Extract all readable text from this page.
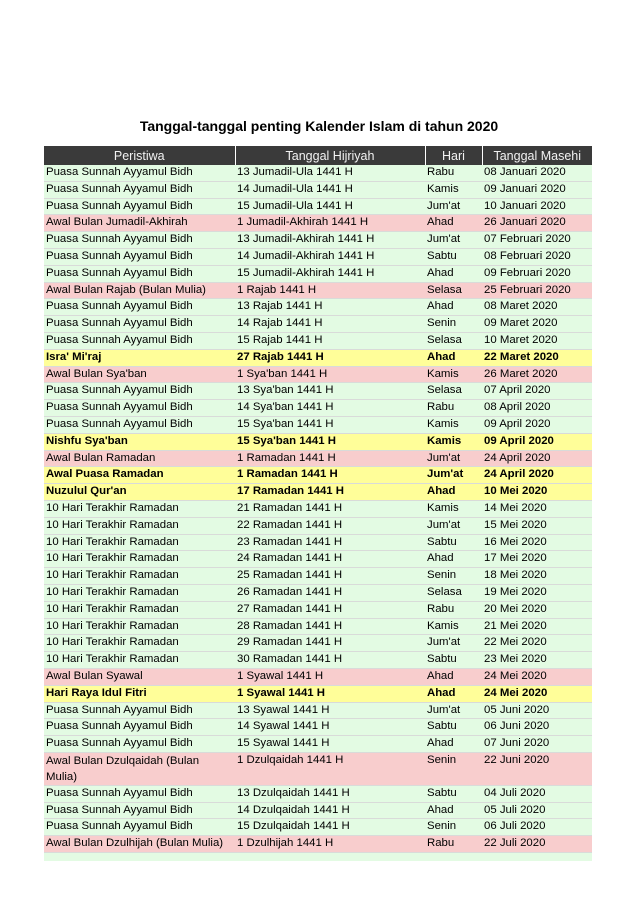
Tanggal-tanggal penting Kalender Islam di tahun 2020
Peristiwa	Tanggal Hijriyah	Hari	Tanggal Masehi
Puasa Sunnah Ayyamul Bidh	13 Jumadil-Ula 1441 H	Rabu	08 Januari 2020
Puasa Sunnah Ayyamul Bidh	14 Jumadil-Ula 1441 H	Kamis	09 Januari 2020
Puasa Sunnah Ayyamul Bidh	15 Jumadil-Ula 1441 H	Jum'at	10 Januari 2020
Awal Bulan Jumadil-Akhirah	1 Jumadil-Akhirah 1441 H	Ahad	26 Januari 2020
Puasa Sunnah Ayyamul Bidh	13 Jumadil-Akhirah 1441 H	Jum'at	07 Februari 2020
Puasa Sunnah Ayyamul Bidh	14 Jumadil-Akhirah 1441 H	Sabtu	08 Februari 2020
Puasa Sunnah Ayyamul Bidh	15 Jumadil-Akhirah 1441 H	Ahad	09 Februari 2020
Awal Bulan Rajab (Bulan Mulia)	1 Rajab 1441 H	Selasa	25 Februari 2020
Puasa Sunnah Ayyamul Bidh	13 Rajab 1441 H	Ahad	08 Maret 2020
Puasa Sunnah Ayyamul Bidh	14 Rajab 1441 H	Senin	09 Maret 2020
Puasa Sunnah Ayyamul Bidh	15 Rajab 1441 H	Selasa	10 Maret 2020
Isra' Mi'raj	27 Rajab 1441 H	Ahad	22 Maret 2020
Awal Bulan Sya'ban	1 Sya'ban 1441 H	Kamis	26 Maret 2020
Puasa Sunnah Ayyamul Bidh	13 Sya'ban 1441 H	Selasa	07 April 2020
Puasa Sunnah Ayyamul Bidh	14 Sya'ban 1441 H	Rabu	08 April 2020
Puasa Sunnah Ayyamul Bidh	15 Sya'ban 1441 H	Kamis	09 April 2020
Nishfu Sya'ban	15 Sya'ban 1441 H	Kamis	09 April 2020
Awal Bulan Ramadan	1 Ramadan 1441 H	Jum'at	24 April 2020
Awal Puasa Ramadan	1 Ramadan 1441 H	Jum'at	24 April 2020
Nuzulul Qur'an	17 Ramadan 1441 H	Ahad	10 Mei 2020
10 Hari Terakhir Ramadan	21 Ramadan 1441 H	Kamis	14 Mei 2020
10 Hari Terakhir Ramadan	22 Ramadan 1441 H	Jum'at	15 Mei 2020
10 Hari Terakhir Ramadan	23 Ramadan 1441 H	Sabtu	16 Mei 2020
10 Hari Terakhir Ramadan	24 Ramadan 1441 H	Ahad	17 Mei 2020
10 Hari Terakhir Ramadan	25 Ramadan 1441 H	Senin	18 Mei 2020
10 Hari Terakhir Ramadan	26 Ramadan 1441 H	Selasa	19 Mei 2020
10 Hari Terakhir Ramadan	27 Ramadan 1441 H	Rabu	20 Mei 2020
10 Hari Terakhir Ramadan	28 Ramadan 1441 H	Kamis	21 Mei 2020
10 Hari Terakhir Ramadan	29 Ramadan 1441 H	Jum'at	22 Mei 2020
10 Hari Terakhir Ramadan	30 Ramadan 1441 H	Sabtu	23 Mei 2020
Awal Bulan Syawal	1 Syawal 1441 H	Ahad	24 Mei 2020
Hari Raya Idul Fitri	1 Syawal 1441 H	Ahad	24 Mei 2020
Puasa Sunnah Ayyamul Bidh	13 Syawal 1441 H	Jum'at	05 Juni 2020
Puasa Sunnah Ayyamul Bidh	14 Syawal 1441 H	Sabtu	06 Juni 2020
Puasa Sunnah Ayyamul Bidh	15 Syawal 1441 H	Ahad	07 Juni 2020
Awal Bulan Dzulqaidah (Bulan Mulia)	1 Dzulqaidah 1441 H	Senin	22 Juni 2020
Puasa Sunnah Ayyamul Bidh	13 Dzulqaidah 1441 H	Sabtu	04 Juli 2020
Puasa Sunnah Ayyamul Bidh	14 Dzulqaidah 1441 H	Ahad	05 Juli 2020
Puasa Sunnah Ayyamul Bidh	15 Dzulqaidah 1441 H	Senin	06 Juli 2020
Awal Bulan Dzulhijah (Bulan Mulia)	1 Dzulhijah 1441 H	Rabu	22 Juli 2020
